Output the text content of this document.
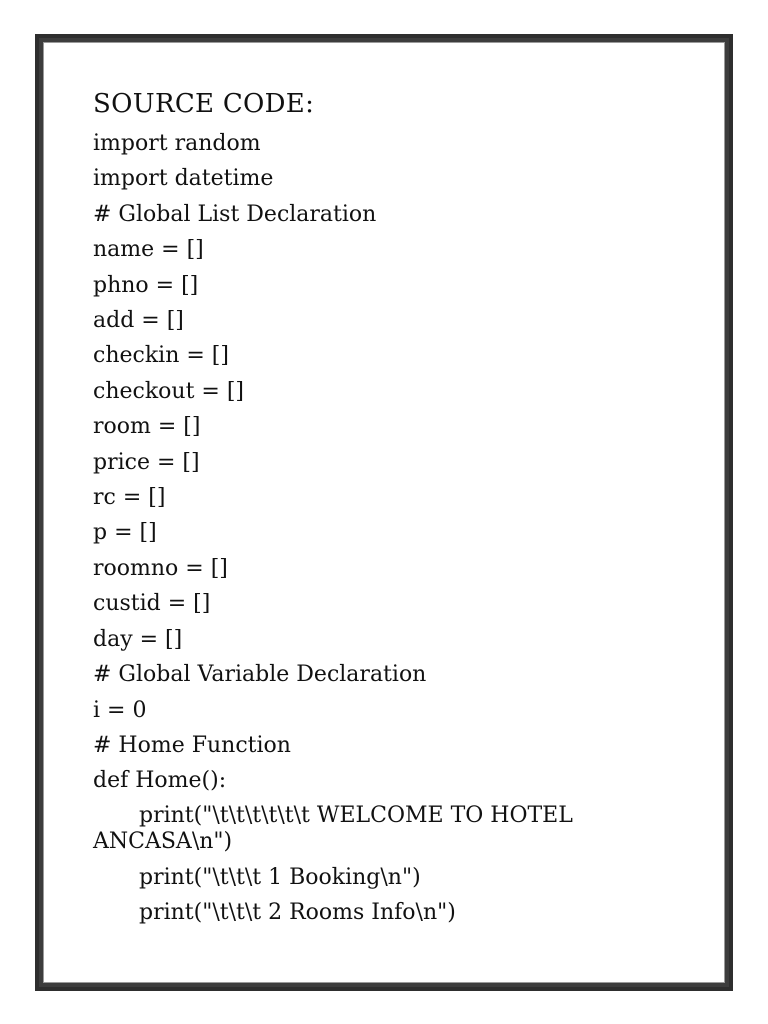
SOURCE CODE:
import random
import datetime
# Global List Declaration
name = []
phno = []
add = []
checkin = []
checkout = []
room = []
price = []
rc = []
p = []
roomno = []
custid = []
day = []
# Global Variable Declaration
i = 0
# Home Function
def Home():
print("\t\t\t\t\t\t WELCOME TO HOTEL
ANCASA\n")
print("\t\t\t 1 Booking\n")
print("\t\t\t 2 Rooms Info\n")
